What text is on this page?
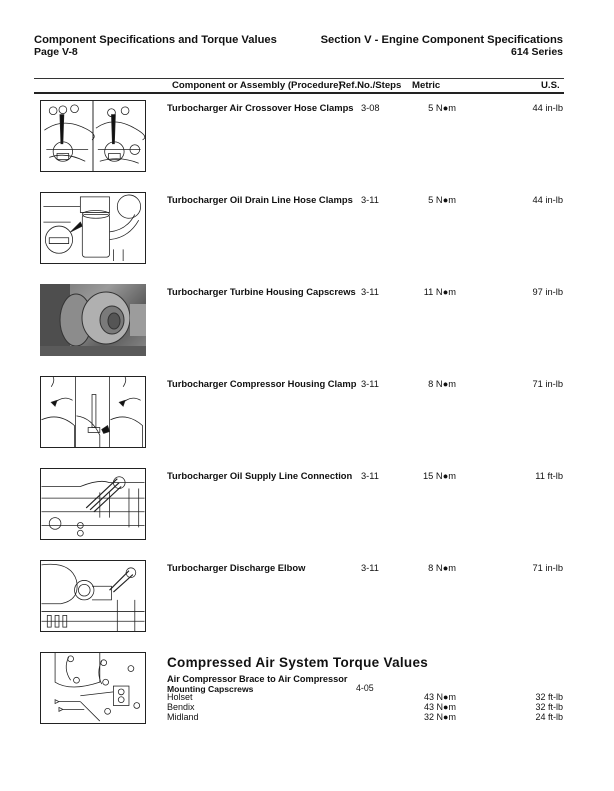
Component Specifications and Torque Values
Page V-8
Section V - Engine Component Specifications
614 Series
Component or Assembly (Procedure)
Ref.No./Steps Metric	U.S.
Turbocharger Air Crossover Hose Clamps 3-08	5 N●m	44 in-lb
Turbocharger Oil Drain Line Hose Clamps 3-11	5 N●m	44 in-lb
Turbocharger Turbine Housing Capscrews 3-11	11 N●m	97 in-lb
Turbocharger Compressor Housing Clamp 3-11	8 N●m	71 in-lb
Turbocharger Oil Supply Line Connection 3-11	15 N●m	11 ft-lb
Turbocharger Discharge Elbow	3-11	8 N●m	71 in-lb
Compressed Air System Torque Values
Air Compressor Brace to Air Compressor
Mounting Capscrews	4-05
Holset	43 N●m	32 ft-lb
Bendix	43 N●m	32 ft-lb
Midland	32 N●m	24 ft-lb
